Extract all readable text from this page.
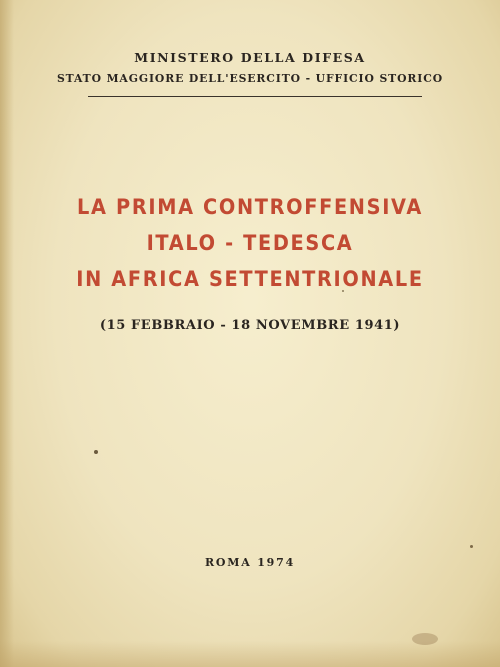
MINISTERO DELLA DIFESA
STATO MAGGIORE DELL'ESERCITO - UFFICIO STORICO
LA PRIMA CONTROFFENSIVA
ITALO - TEDESCA
IN AFRICA SETTENTRIONALE
(15 FEBBRAIO - 18 NOVEMBRE 1941)
ROMA 1974
